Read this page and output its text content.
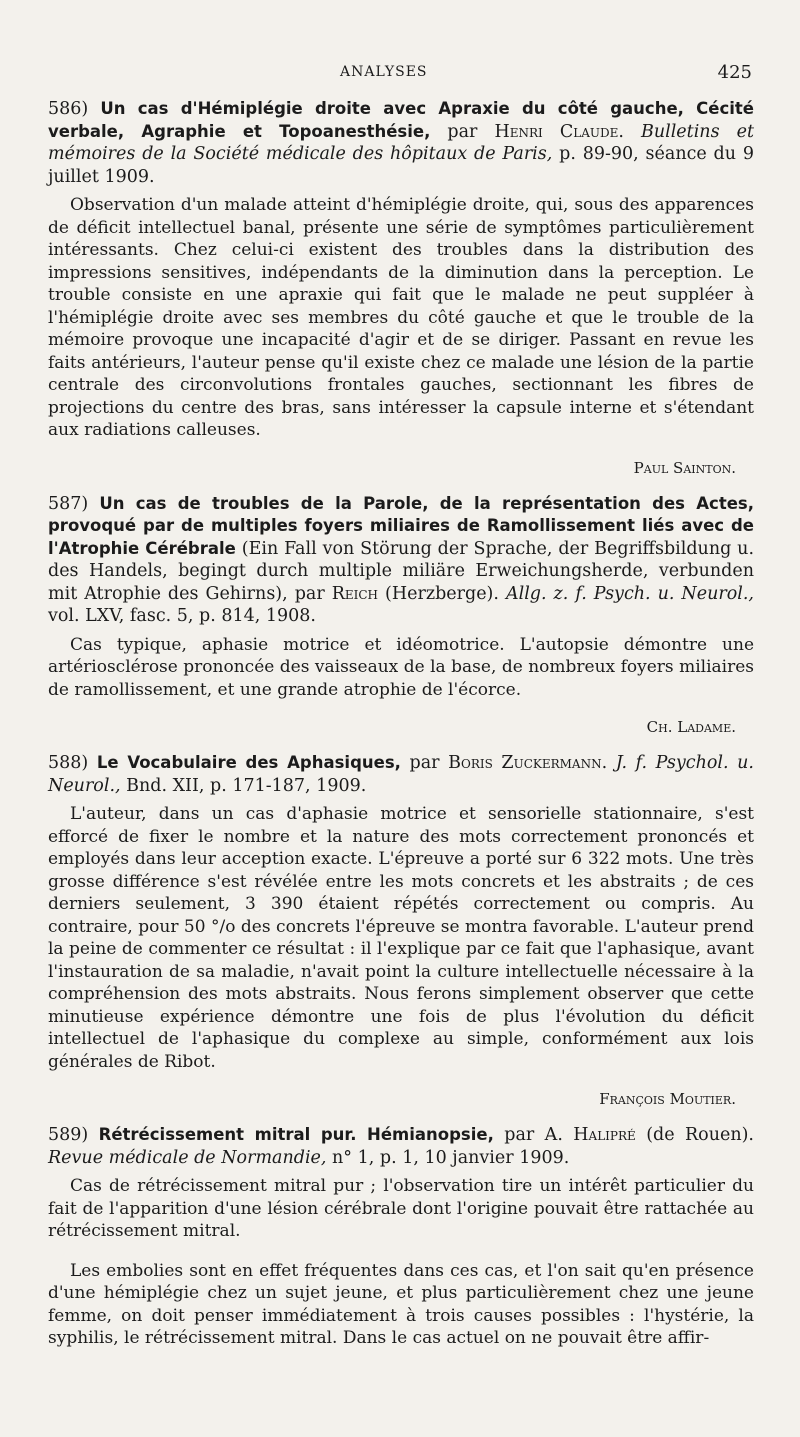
ANALYSES	425
586) Un cas d'Hémiplégie droite avec Apraxie du côté gauche, Cécité verbale, Agraphie et Topoanesthésie, par Henri Claude. Bulletins et mémoires de la Société médicale des hôpitaux de Paris, p. 89-90, séance du 9 juillet 1909.

Observation d'un malade atteint d'hémiplégie droite, qui, sous des apparences de déficit intellectuel banal, présente une série de symptômes particulièrement intéressants. Chez celui-ci existent des troubles dans la distribution des impressions sensitives, indépendants de la diminution dans la perception. Le trouble consiste en une apraxie qui fait que le malade ne peut suppléer à l'hémiplégie droite avec ses membres du côté gauche et que le trouble de la mémoire provoque une incapacité d'agir et de se diriger. Passant en revue les faits antérieurs, l'auteur pense qu'il existe chez ce malade une lésion de la partie centrale des circonvolutions frontales gauches, sectionnant les fibres de projections du centre des bras, sans intéresser la capsule interne et s'étendant aux radiations calleuses.

Paul Sainton.
587) Un cas de troubles de la Parole, de la représentation des Actes, provoqué par de multiples foyers miliaires de Ramollissement liés avec de l'Atrophie Cérébrale (Ein Fall von Störung der Sprache, der Begriffsbildung u. des Handels, begingt durch multiple miliäre Erweichungsherde, verbunden mit Atrophie des Gehirns), par Reich (Herzberge). Allg. z. f. Psych. u. Neurol., vol. LXV, fasc. 5, p. 814, 1908.

Cas typique, aphasie motrice et idéomotrice. L'autopsie démontre une artériosclérose prononcée des vaisseaux de la base, de nombreux foyers miliaires de ramollissement, et une grande atrophie de l'écorce.

Ch. Ladame.
588) Le Vocabulaire des Aphasiques, par Boris Zuckermann. J. f. Psychol. u. Neurol., Bnd. XII, p. 171-187, 1909.

L'auteur, dans un cas d'aphasie motrice et sensorielle stationnaire, s'est efforcé de fixer le nombre et la nature des mots correctement prononcés et employés dans leur acception exacte. L'épreuve a porté sur 6 322 mots. Une très grosse différence s'est révélée entre les mots concrets et les abstraits ; de ces derniers seulement, 3 390 étaient répétés correctement ou compris. Au contraire, pour 50 °/o des concrets l'épreuve se montra favorable. L'auteur prend la peine de commenter ce résultat : il l'explique par ce fait que l'aphasique, avant l'instauration de sa maladie, n'avait point la culture intellectuelle nécessaire à la compréhension des mots abstraits. Nous ferons simplement observer que cette minutieuse expérience démontre une fois de plus l'évolution du déficit intellectuel de l'aphasique du complexe au simple, conformément aux lois générales de Ribot.

François Moutier.
589) Rétrécissement mitral pur. Hémianopsie, par A. Halipré (de Rouen). Revue médicale de Normandie, n° 1, p. 1, 10 janvier 1909.

Cas de rétrécissement mitral pur ; l'observation tire un intérêt particulier du fait de l'apparition d'une lésion cérébrale dont l'origine pouvait être rattachée au rétrécissement mitral.

Les embolies sont en effet fréquentes dans ces cas, et l'on sait qu'en présence d'une hémiplégie chez un sujet jeune, et plus particulièrement chez une jeune femme, on doit penser immédiatement à trois causes possibles : l'hystérie, la syphilis, le rétrécissement mitral. Dans le cas actuel on ne pouvait être affir-
